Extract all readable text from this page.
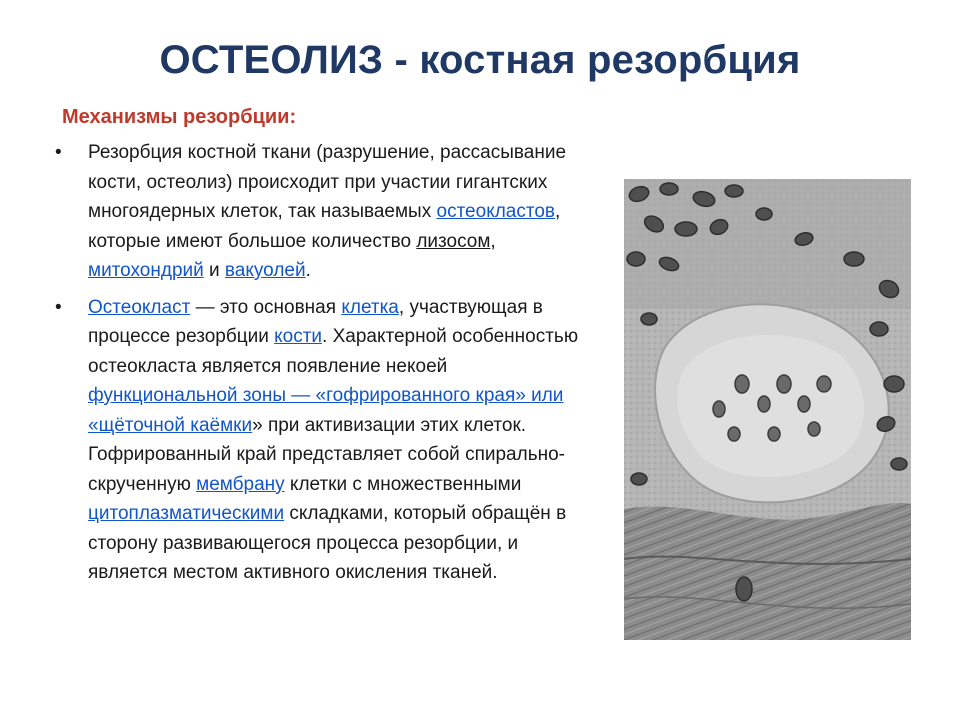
ОСТЕОЛИЗ - костная резорбция
Механизмы резорбции:
• Резорбция костной ткани (разрушение, рассасывание кости, остеолиз) происходит при участии гигантских многоядерных клеток, так называемых остеокластов, которые имеют большое количество лизосом, митохондрий и вакуолей.
• Остеокласт — это основная клетка, участвующая в процессе резорбции кости. Характерной особенностью остеокласта является появление некоей функциональной зоны — «гофрированного края» или «щёточной каёмки» при активизации этих клеток. Гофрированный край представляет собой спирально-скрученную мембрану клетки с множественными цитоплазматическими складками, который обращён в сторону развивающегося процесса резорбции, и является местом активного окисления тканей.
